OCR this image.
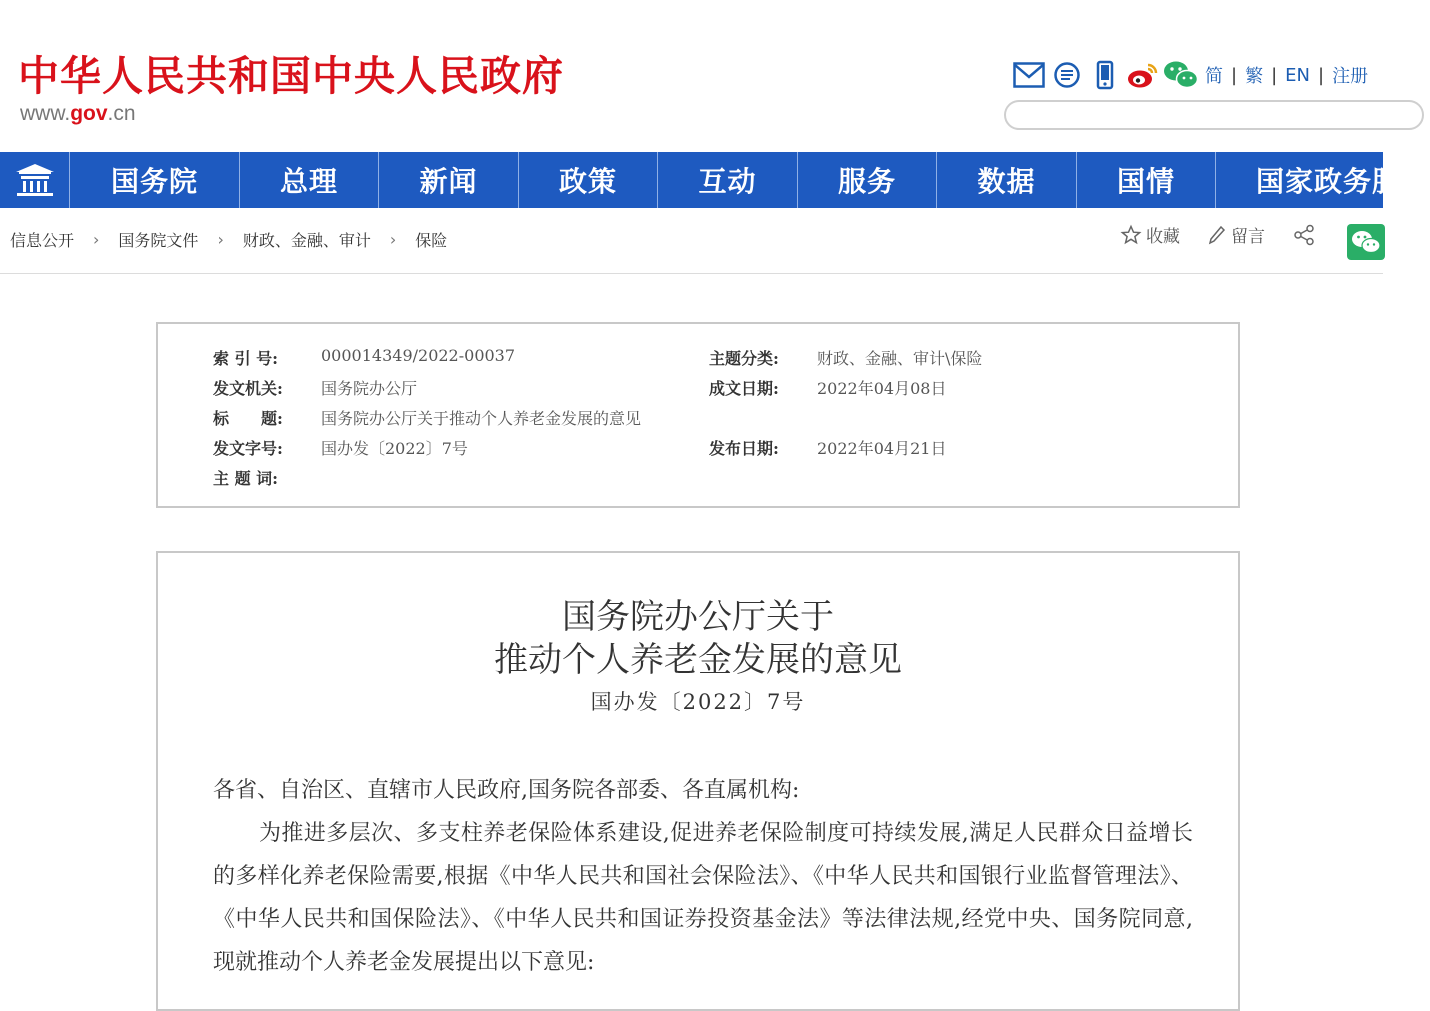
中华人民共和国中央人民政府
www.gov.cn
简 | 繁 | EN | 注册
国务院	总理	新闻	政策	互动	服务	数据	国情	国家政务服务
信息公开 › 国务院文件 › 财政、金融、审计 › 保险	收藏	留言
索 引 号:	000014349/2022-00037	主题分类: 财政、金融、审计\保险
发文机关: 国务院办公厅	成文日期: 2022年04月08日
标　　题: 国务院办公厅关于推动个人养老金发展的意见
发文字号: 国办发〔2022〕7号	发布日期: 2022年04月21日
主 题 词:
国务院办公厅关于
推动个人养老金发展的意见
国办发〔2022〕7号

各省、自治区、直辖市人民政府,国务院各部委、各直属机构:

为推进多层次、多支柱养老保险体系建设,促进养老保险制度可持续发展,满足人民群众日益增长的多样化养老保险需要,根据《中华人民共和国社会保险法》、《中华人民共和国银行业监督管理法》、《中华人民共和国保险法》、《中华人民共和国证券投资基金法》等法律法规,经党中央、国务院同意,现就推动个人养老金发展提出以下意见:
